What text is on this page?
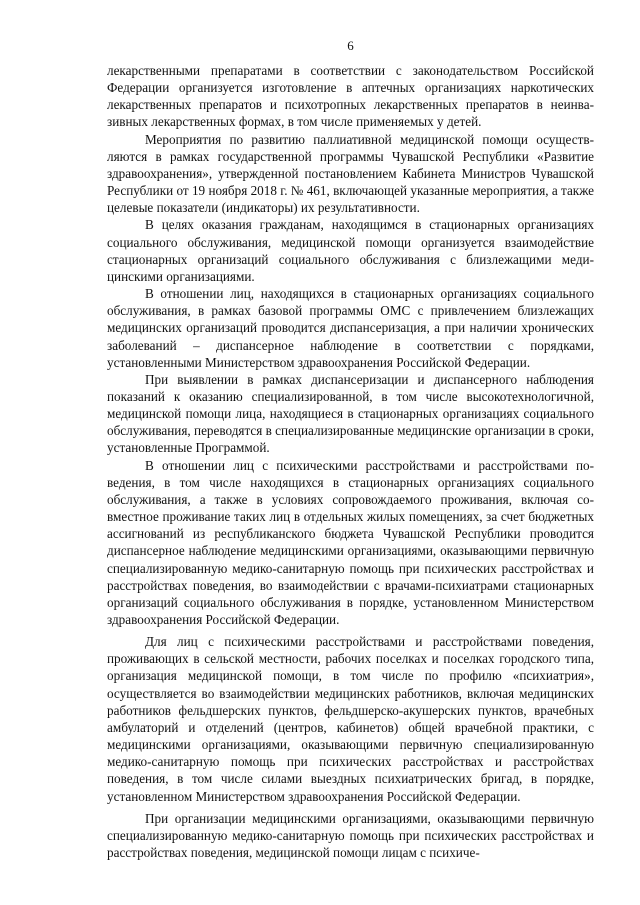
6

лекарственными препаратами в соответствии с законодательством Российской Федерации организуется изготовление в аптечных организациях наркотических лекарственных препаратов и психотропных лекарственных препаратов в неинвазивных лекарственных формах, в том числе применяемых у детей.

Мероприятия по развитию паллиативной медицинской помощи осуществляются в рамках государственной программы Чувашской Республики «Развитие здравоохранения», утвержденной постановлением Кабинета Министров Чувашской Республики от 19 ноября 2018 г. № 461, включающей указанные мероприятия, а также целевые показатели (индикаторы) их результативности.

В целях оказания гражданам, находящимся в стационарных организациях социального обслуживания, медицинской помощи организуется взаимодействие стационарных организаций социального обслуживания с близлежащими медицинскими организациями.

В отношении лиц, находящихся в стационарных организациях социального обслуживания, в рамках базовой программы ОМС с привлечением близлежащих медицинских организаций проводится диспансеризация, а при наличии хронических заболеваний – диспансерное наблюдение в соответствии с порядками, установленными Министерством здравоохранения Российской Федерации.

При выявлении в рамках диспансеризации и диспансерного наблюдения показаний к оказанию специализированной, в том числе высокотехнологичной, медицинской помощи лица, находящиеся в стационарных организациях социального обслуживания, переводятся в специализированные медицинские организации в сроки, установленные Программой.

В отношении лиц с психическими расстройствами и расстройствами поведения, в том числе находящихся в стационарных организациях социального обслуживания, а также в условиях сопровождаемого проживания, включая совместное проживание таких лиц в отдельных жилых помещениях, за счет бюджетных ассигнований из республиканского бюджета Чувашской Республики проводится диспансерное наблюдение медицинскими организациями, оказывающими первичную специализированную медико-санитарную помощь при психических расстройствах и расстройствах поведения, во взаимодействии с врачами-психиатрами стационарных организаций социального обслуживания в порядке, установленном Министерством здравоохранения Российской Федерации.

Для лиц с психическими расстройствами и расстройствами поведения, проживающих в сельской местности, рабочих поселках и поселках городского типа, организация медицинской помощи, в том числе по профилю «психиатрия», осуществляется во взаимодействии медицинских работников, включая медицинских работников фельдшерских пунктов, фельдшерско-акушерских пунктов, врачебных амбулаторий и отделений (центров, кабинетов) общей врачебной практики, с медицинскими организациями, оказывающими первичную специализированную медико-санитарную помощь при психических расстройствах и расстройствах поведения, в том числе силами выездных психиатрических бригад, в порядке, установленном Министерством здравоохранения Российской Федерации.

При организации медицинскими организациями, оказывающими первичную специализированную медико-санитарную помощь при психических расстройствах и расстройствах поведения, медицинской помощи лицам с психиче-
